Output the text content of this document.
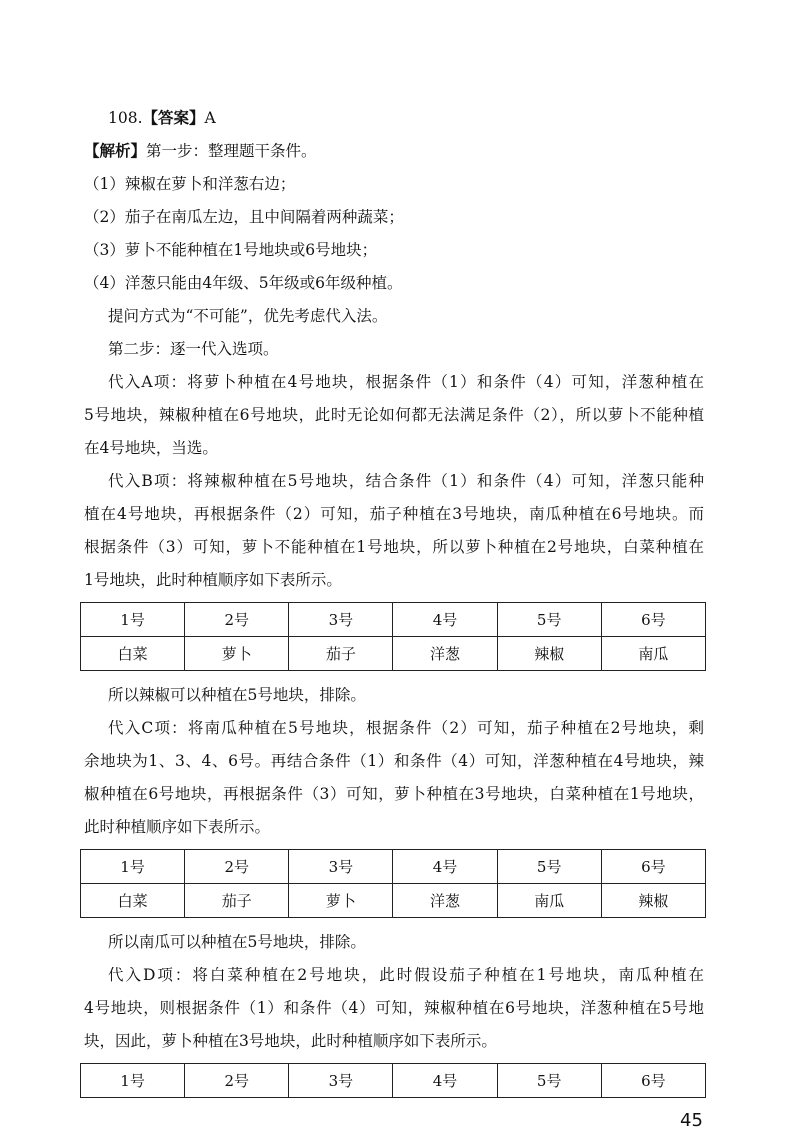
108.【答案】A
【解析】第一步：整理题干条件。
（1）辣椒在萝卜和洋葱右边；
（2）茄子在南瓜左边，且中间隔着两种蔬菜；
（3）萝卜不能种植在1号地块或6号地块；
（4）洋葱只能由4年级、5年级或6年级种植。
提问方式为“不可能”，优先考虑代入法。
第二步：逐一代入选项。
代入A项：将萝卜种植在4号地块，根据条件（1）和条件（4）可知，洋葱种植在
5号地块，辣椒种植在6号地块，此时无论如何都无法满足条件（2），所以萝卜不能种植
在4号地块，当选。
代入B项：将辣椒种植在5号地块，结合条件（1）和条件（4）可知，洋葱只能种
植在4号地块，再根据条件（2）可知，茄子种植在3号地块，南瓜种植在6号地块。而
根据条件（3）可知，萝卜不能种植在1号地块，所以萝卜种植在2号地块，白菜种植在
1号地块，此时种植顺序如下表所示。
1号	2号	3号	4号	5号	6号
白菜	萝卜	茄子	洋葱	辣椒	南瓜
所以辣椒可以种植在5号地块，排除。
代入C项：将南瓜种植在5号地块，根据条件（2）可知，茄子种植在2号地块，剩
余地块为1、3、4、6号。再结合条件（1）和条件（4）可知，洋葱种植在4号地块，辣
椒种植在6号地块，再根据条件（3）可知，萝卜种植在3号地块，白菜种植在1号地块，
此时种植顺序如下表所示。
1号	2号	3号	4号	5号	6号
白菜	茄子	萝卜	洋葱	南瓜	辣椒
所以南瓜可以种植在5号地块，排除。
代入D项：将白菜种植在2号地块，此时假设茄子种植在1号地块，南瓜种植在
4号地块，则根据条件（1）和条件（4）可知，辣椒种植在6号地块，洋葱种植在5号地
块，因此，萝卜种植在3号地块，此时种植顺序如下表所示。
1号	2号	3号	4号	5号	6号
45
